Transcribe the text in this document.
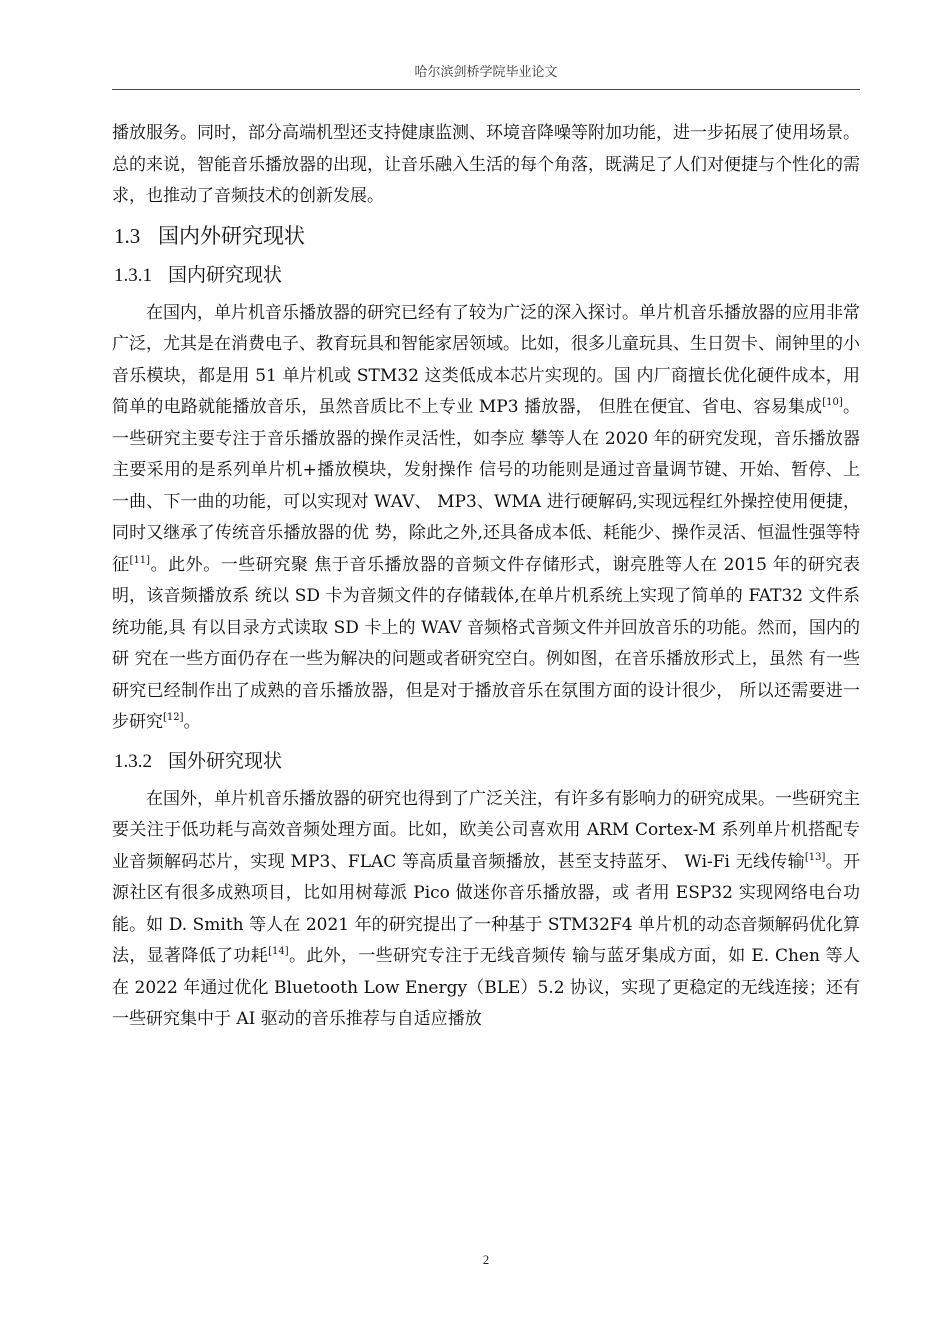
哈尔滨剑桥学院毕业论文

播放服务。同时，部分高端机型还支持健康监测、环境音降噪等附加功能，进一步拓展了使用场景。总的来说，智能音乐播放器的出现，让音乐融入生活的每个角落，既满足了人们对便捷与个性化的需求，也推动了音频技术的创新发展。

1.3 国内外研究现状
1.3.1 国内研究现状

在国内，单片机音乐播放器的研究已经有了较为广泛的深入探讨。单片机音乐播放器的应用非常广泛，尤其是在消费电子、教育玩具和智能家居领域。比如，很多儿童玩具、生日贺卡、闹钟里的小音乐模块，都是用 51 单片机或 STM32 这类低成本芯片实现的。国 内厂商擅长优化硬件成本，用简单的电路就能播放音乐，虽然音质比不上专业 MP3 播放器， 但胜在便宜、省电、容易集成[10]。一些研究主要专注于音乐播放器的操作灵活性，如李应 攀等人在 2020 年的研究发现，音乐播放器主要采用的是系列单片机+播放模块，发射操作 信号的功能则是通过音量调节键、开始、暂停、上一曲、下一曲的功能，可以实现对 WAV、 MP3、WMA 进行硬解码,实现远程红外操控使用便捷，同时又继承了传统音乐播放器的优 势，除此之外,还具备成本低、耗能少、操作灵活、恒温性强等特征[11]。此外。一些研究聚 焦于音乐播放器的音频文件存储形式，谢亮胜等人在 2015 年的研究表明，该音频播放系 统以 SD 卡为音频文件的存储载体,在单片机系统上实现了简单的 FAT32 文件系统功能,具 有以目录方式读取 SD 卡上的 WAV 音频格式音频文件并回放音乐的功能。然而，国内的研 究在一些方面仍存在一些为解决的问题或者研究空白。例如图，在音乐播放形式上，虽然 有一些研究已经制作出了成熟的音乐播放器，但是对于播放音乐在氛围方面的设计很少， 所以还需要进一步研究[12]。

1.3.2 国外研究现状

在国外，单片机音乐播放器的研究也得到了广泛关注，有许多有影响力的研究成果。一些研究主要关注于低功耗与高效音频处理方面。比如，欧美公司喜欢用 ARM Cortex-M 系列单片机搭配专业音频解码芯片，实现 MP3、FLAC 等高质量音频播放，甚至支持蓝牙、 Wi-Fi 无线传输[13]。开源社区有很多成熟项目，比如用树莓派 Pico 做迷你音乐播放器，或 者用 ESP32 实现网络电台功能。如 D. Smith 等人在 2021 年的研究提出了一种基于 STM32F4 单片机的动态音频解码优化算法，显著降低了功耗[14]。此外，一些研究专注于无线音频传 输与蓝牙集成方面，如 E. Chen 等人在 2022 年通过优化 Bluetooth Low Energy（BLE）5.2 协议，实现了更稳定的无线连接；还有一些研究集中于 AI 驱动的音乐推荐与自适应播放

2
